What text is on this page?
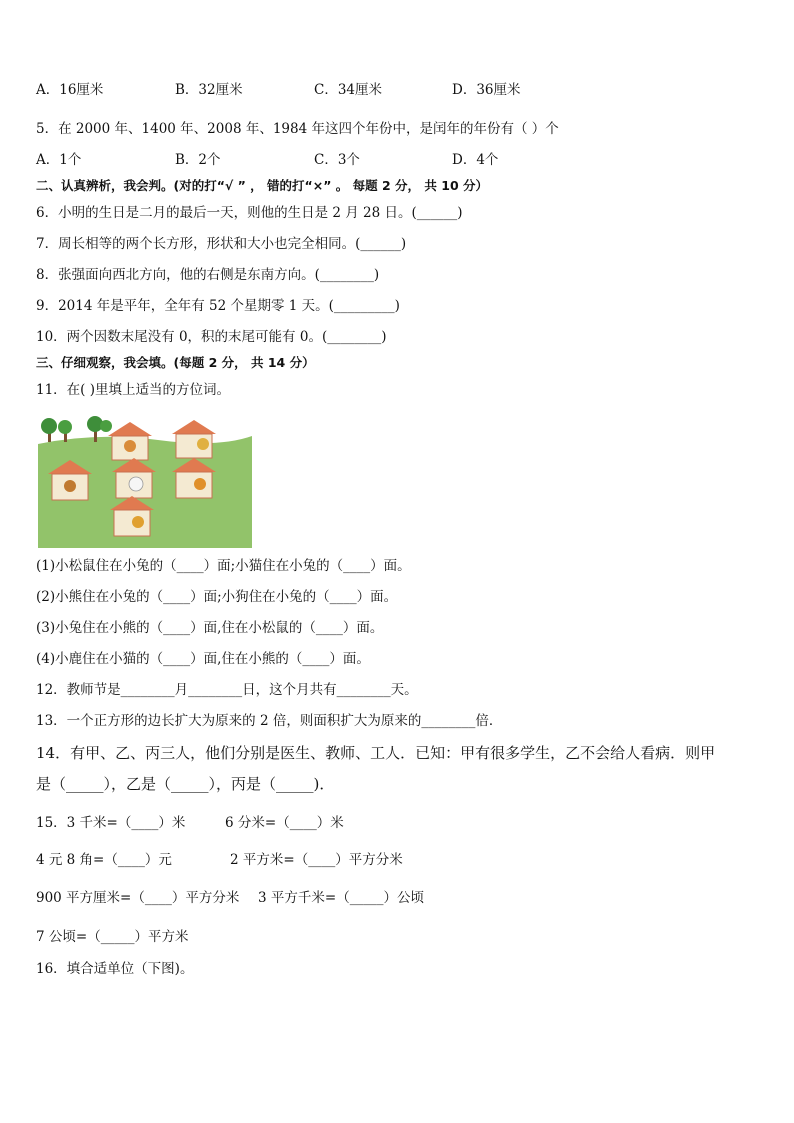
A．16厘米	B．32厘米	C．34厘米	D．36厘米
5．在 2000 年、1400 年、2008 年、1984 年这四个年份中，是闰年的年份有（ ）个
A．1个	B．2个	C．3个	D．4个
二、认真辨析，我会判。(对的打“√ ” ， 错的打“×” 。 每题 2 分， 共 10 分）
6．小明的生日是二月的最后一天，则他的生日是 2 月 28 日。(______)
7．周长相等的两个长方形，形状和大小也完全相同。(______)
8．张强面向西北方向，他的右侧是东南方向。(________)
9．2014 年是平年，全年有 52 个星期零 1 天。(_________)
10．两个因数末尾没有 0，积的末尾可能有 0。(________)
三、仔细观察，我会填。(每题 2 分， 共 14 分）
11．在( )里填上适当的方位词。
(1)小松鼠住在小兔的（____）面;小猫住在小兔的（____）面。
(2)小熊住在小兔的（____）面;小狗住在小兔的（____）面。
(3)小兔住在小熊的（____）面,住在小松鼠的（____）面。
(4)小鹿住在小猫的（____）面,住在小熊的（____）面。
12．教师节是________月________日，这个月共有________天。
13．一个正方形的边长扩大为原来的 2 倍，则面积扩大为原来的________倍．
14．有甲、乙、丙三人，他们分别是医生、教师、工人．已知：甲有很多学生，乙不会给人看病．则甲
是（_____），乙是（_____），丙是（_____)．
15．3 千米=（____）米	6 分米=（____）米
4 元 8 角=（____）元	2 平方米=（____）平方分米
900 平方厘米=（____）平方分米 3 平方千米=（_____）公顷
7 公顷=（_____）平方米
16．填合适单位（下图)。
